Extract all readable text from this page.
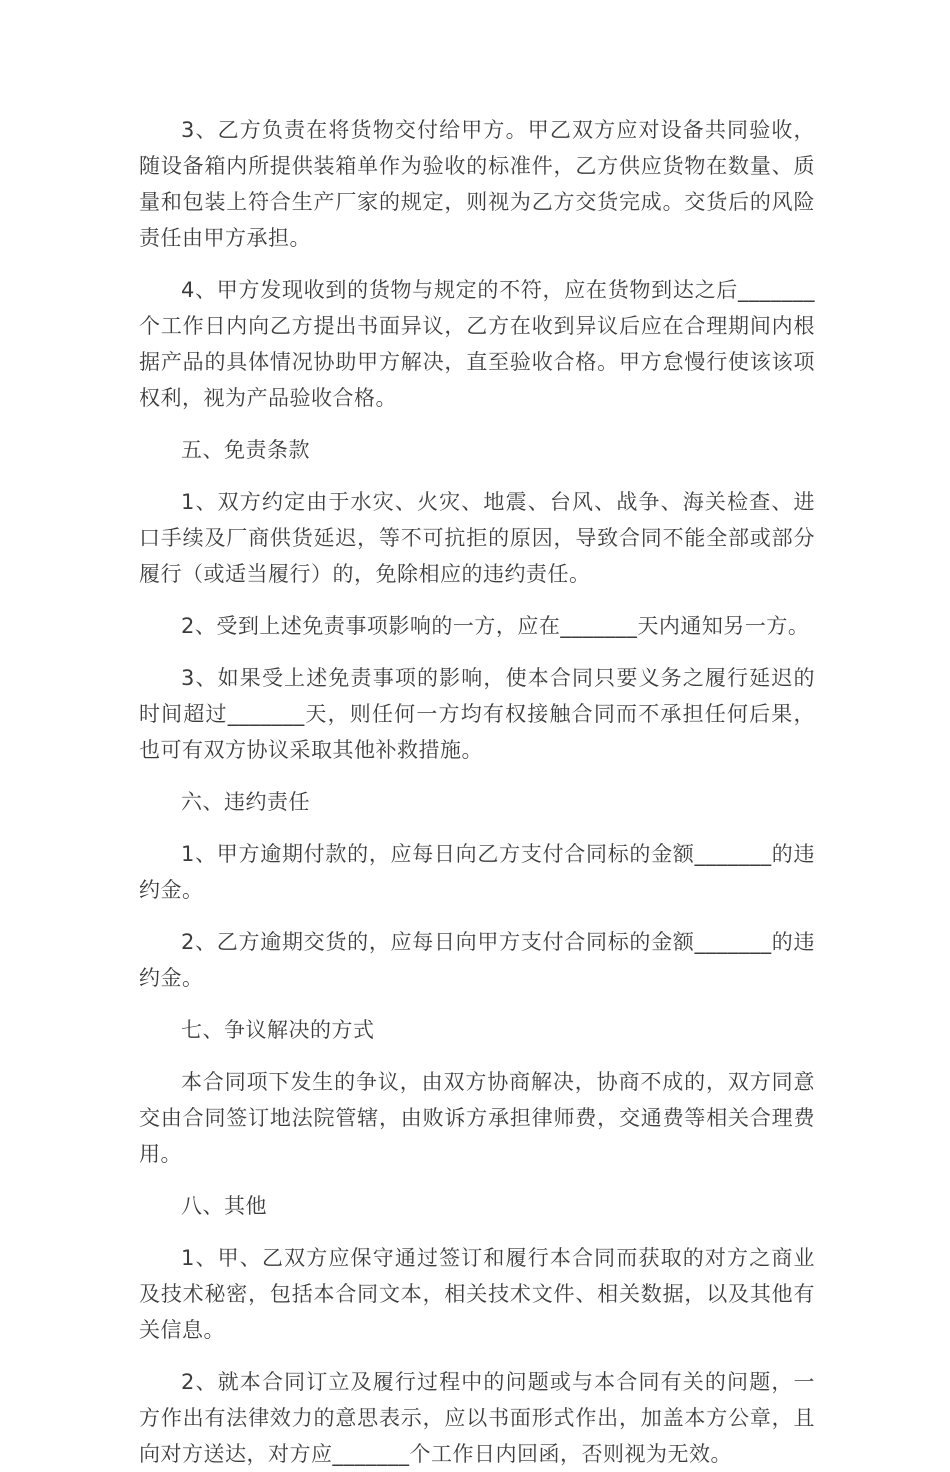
3、乙方负责在将货物交付给甲方。甲乙双方应对设备共同验收，随设备箱内所提供装箱单作为验收的标准件，乙方供应货物在数量、质量和包装上符合生产厂家的规定，则视为乙方交货完成。交货后的风险责任由甲方承担。

4、甲方发现收到的货物与规定的不符，应在货物到达之后_______个工作日内向乙方提出书面异议，乙方在收到异议后应在合理期间内根据产品的具体情况协助甲方解决，直至验收合格。甲方怠慢行使该该项权利，视为产品验收合格。

五、免责条款

1、双方约定由于水灾、火灾、地震、台风、战争、海关检查、进口手续及厂商供货延迟，等不可抗拒的原因，导致合同不能全部或部分履行（或适当履行）的，免除相应的违约责任。

2、受到上述免责事项影响的一方，应在_______天内通知另一方。

3、如果受上述免责事项的影响，使本合同只要义务之履行延迟的时间超过_______天，则任何一方均有权接触合同而不承担任何后果，也可有双方协议采取其他补救措施。

六、违约责任

1、甲方逾期付款的，应每日向乙方支付合同标的金额_______的违约金。

2、乙方逾期交货的，应每日向甲方支付合同标的金额_______的违约金。

七、争议解决的方式

本合同项下发生的争议，由双方协商解决，协商不成的，双方同意交由合同签订地法院管辖，由败诉方承担律师费，交通费等相关合理费用。

八、其他

1、甲、乙双方应保守通过签订和履行本合同而获取的对方之商业及技术秘密，包括本合同文本，相关技术文件、相关数据，以及其他有关信息。

2、就本合同订立及履行过程中的问题或与本合同有关的问题，一方作出有法律效力的意思表示，应以书面形式作出，加盖本方公章，且向对方送达，对方应_______个工作日内回函，否则视为无效。
